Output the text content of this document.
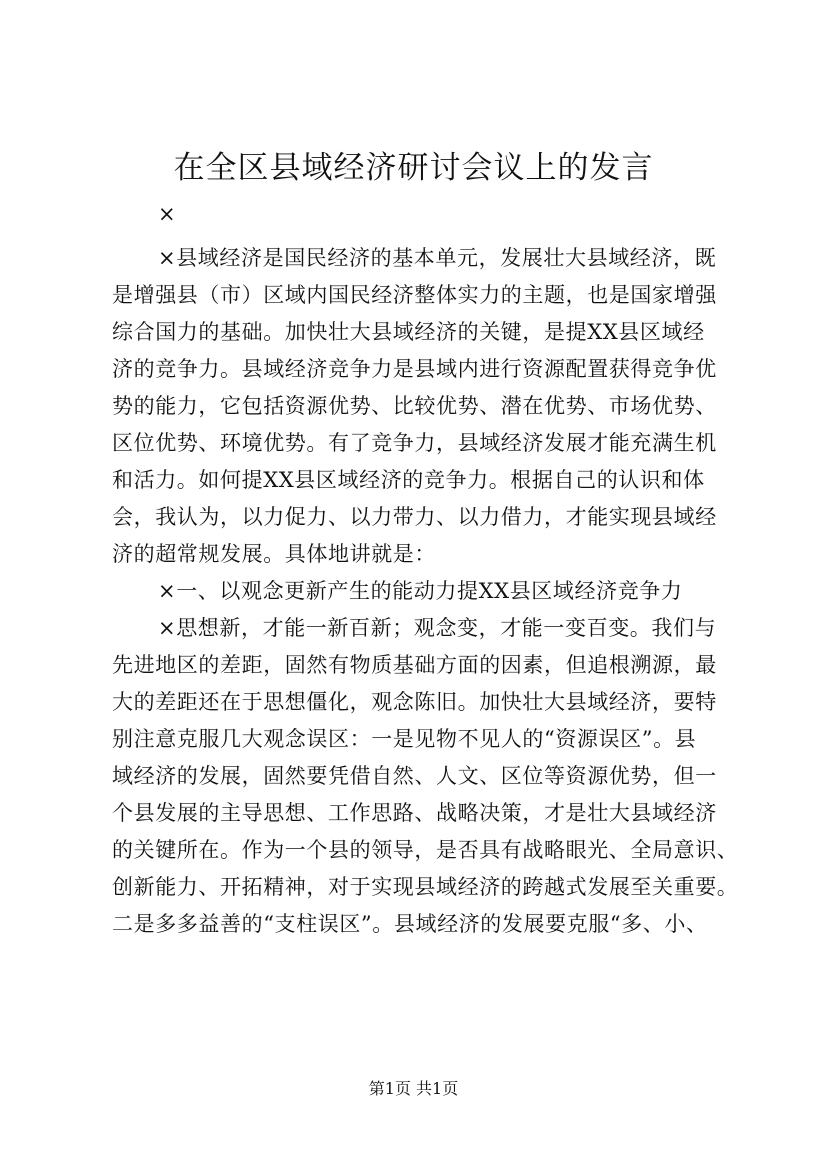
在全区县域经济研讨会议上的发言

×

×县域经济是国民经济的基本单元，发展壮大县域经济，既
是增强县（市）区域内国民经济整体实力的主题，也是国家增强
综合国力的基础。加快壮大县域经济的关键，是提XX县区域经
济的竞争力。县域经济竞争力是县域内进行资源配置获得竞争优
势的能力，它包括资源优势、比较优势、潜在优势、市场优势、
区位优势、环境优势。有了竞争力，县域经济发展才能充满生机
和活力。如何提XX县区域经济的竞争力。根据自己的认识和体
会，我认为，以力促力、以力带力、以力借力，才能实现县域经
济的超常规发展。具体地讲就是：
×一、以观念更新产生的能动力提XX县区域经济竞争力
×思想新，才能一新百新；观念变，才能一变百变。我们与
先进地区的差距，固然有物质基础方面的因素，但追根溯源，最
大的差距还在于思想僵化，观念陈旧。加快壮大县域经济，要特
别注意克服几大观念误区：一是见物不见人的“资源误区”。县
域经济的发展，固然要凭借自然、人文、区位等资源优势，但一
个县发展的主导思想、工作思路、战略决策，才是壮大县域经济
的关键所在。作为一个县的领导，是否具有战略眼光、全局意识、
创新能力、开拓精神，对于实现县域经济的跨越式发展至关重要。
二是多多益善的“支柱误区”。县域经济的发展要克服“多、小、

第1页 共1页
